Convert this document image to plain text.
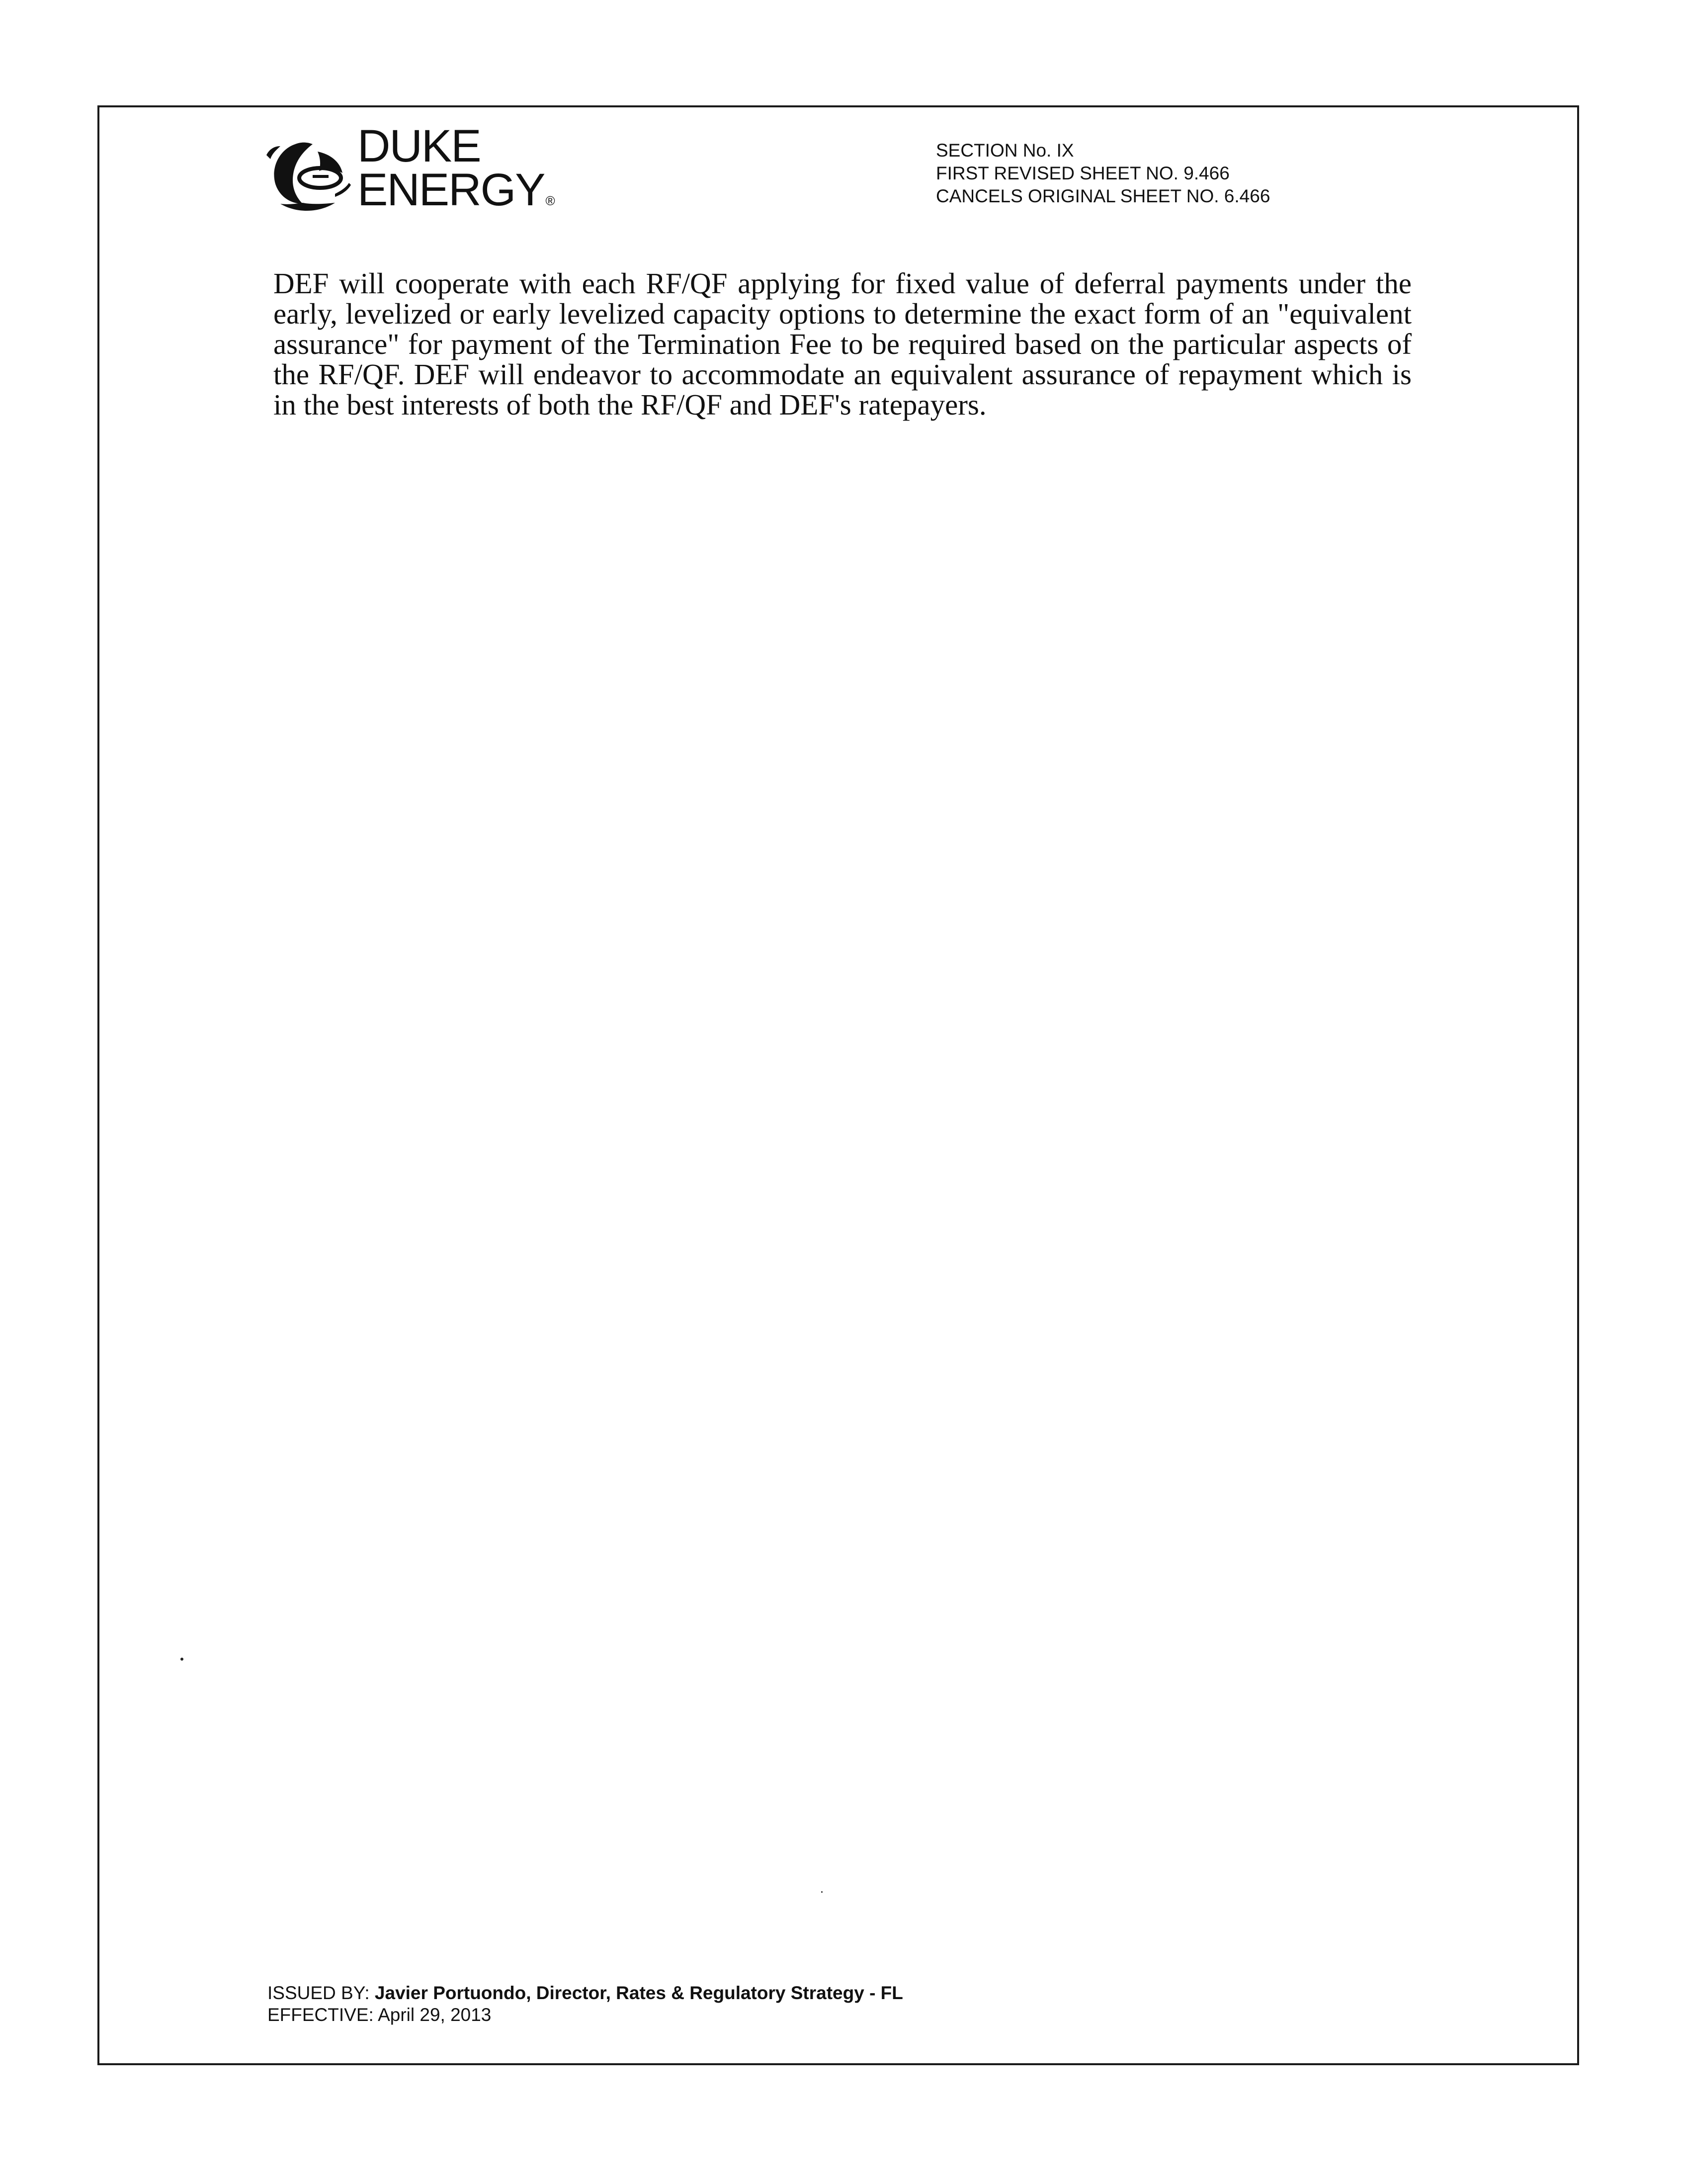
DUKE
ENERGY®
SECTION No. IX
FIRST REVISED SHEET NO. 9.466
CANCELS ORIGINAL SHEET NO. 6.466
DEF will cooperate with each RF/QF applying for fixed value of deferral payments under the early, levelized or early levelized capacity options to determine the exact form of an "equivalent assurance" for payment of the Termination Fee to be required based on the particular aspects of the RF/QF. DEF will endeavor to accommodate an equivalent assurance of repayment which is in the best interests of both the RF/QF and DEF's ratepayers.
ISSUED BY: Javier Portuondo, Director, Rates & Regulatory Strategy - FL
EFFECTIVE: April 29, 2013
